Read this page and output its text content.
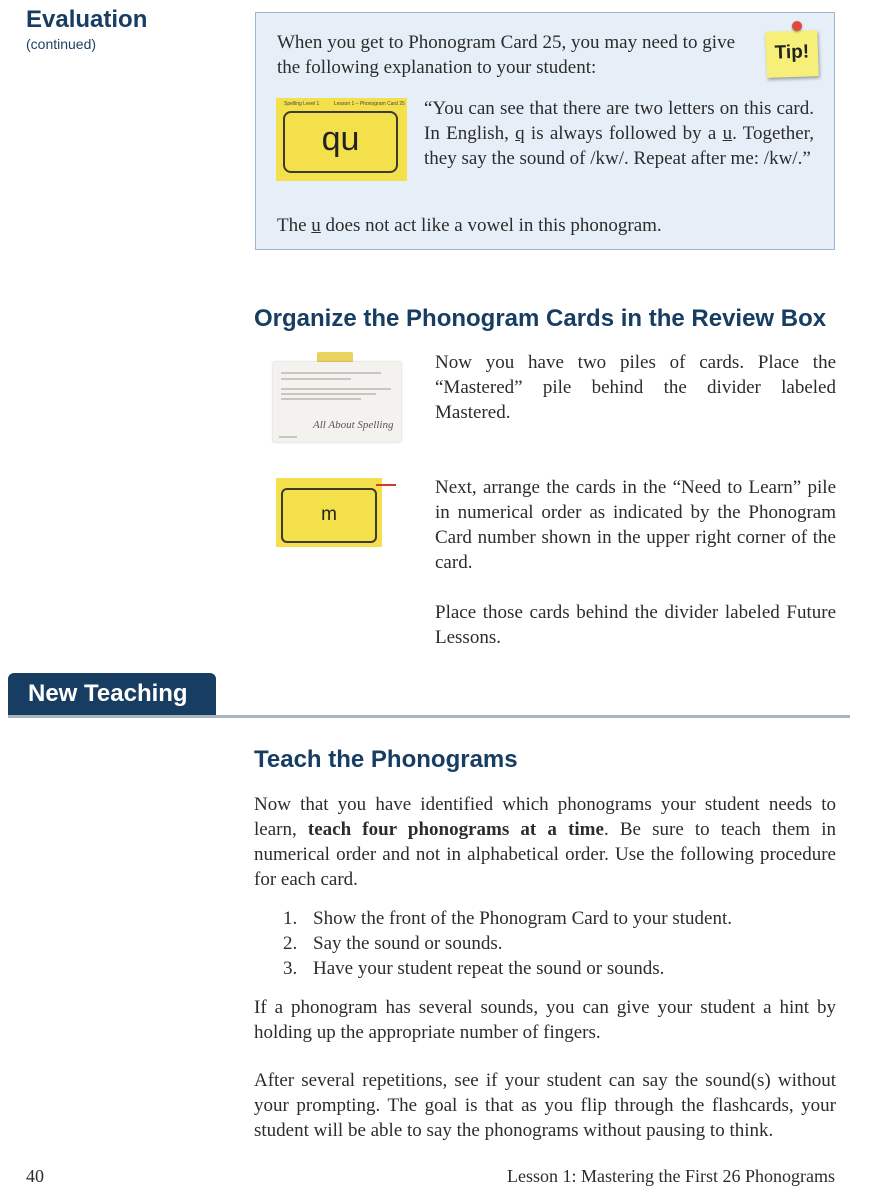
Evaluation
(continued)	When you get to Phonogram Card 25, you may need to give the following explanation to your student:
Tip!
Spelling Level 1	Lesson 1 – Phonogram Card 25
qu
“You can see that there are two letters on this card. In English, q is always followed by a u. Together, they say the sound of /kw/. Repeat after me: /kw/.”
The u does not act like a vowel in this phonogram.
Organize the Phonogram Cards in the Review Box
All About Spelling
Now you have two piles of cards. Place the “Mastered” pile behind the divider labeled Mastered.
m
Next, arrange the cards in the “Need to Learn” pile in numerical order as indicated by the Phonogram Card number shown in the upper right corner of the card.
Place those cards behind the divider labeled Future Lessons.
New Teaching
Teach the Phonograms
Now that you have identified which phonograms your student needs to learn, teach four phonograms at a time. Be sure to teach them in numerical order and not in alphabetical order. Use the following procedure for each card.
1. Show the front of the Phonogram Card to your student.
2. Say the sound or sounds.
3. Have your student repeat the sound or sounds.
If a phonogram has several sounds, you can give your student a hint by holding up the appropriate number of fingers.
After several repetitions, see if your student can say the sound(s) without your prompting. The goal is that as you flip through the flashcards, your student will be able to say the phonograms without pausing to think.
40	Lesson 1: Mastering the First 26 Phonograms
